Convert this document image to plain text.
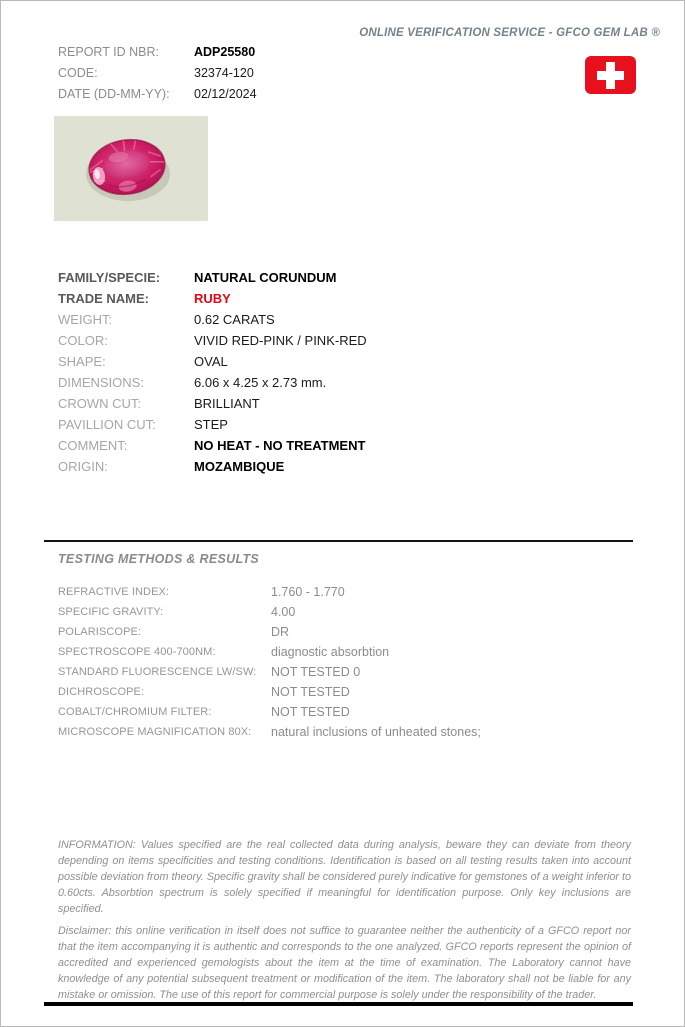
ONLINE VERIFICATION SERVICE - GFCO GEM LAB ®
REPORT ID NBR:	ADP25580
CODE:	32374-120
DATE (DD-MM-YY):	02/12/2024
FAMILY/SPECIE:	NATURAL CORUNDUM
TRADE NAME:	RUBY
WEIGHT:	0.62 CARATS
COLOR:	VIVID RED-PINK / PINK-RED
SHAPE:	OVAL
DIMENSIONS:	6.06 x 4.25 x 2.73 mm.
CROWN CUT:	BRILLIANT
PAVILLION CUT:	STEP
COMMENT:	NO HEAT - NO TREATMENT
ORIGIN:	MOZAMBIQUE
TESTING METHODS & RESULTS
REFRACTIVE INDEX:	1.760 - 1.770
SPECIFIC GRAVITY:	4.00
POLARISCOPE:	DR
SPECTROSCOPE 400-700NM:	diagnostic absorbtion
STANDARD FLUORESCENCE LW/SW:	NOT TESTED 0
DICHROSCOPE:	NOT TESTED
COBALT/CHROMIUM FILTER:	NOT TESTED
MICROSCOPE MAGNIFICATION 80X:	natural inclusions of unheated stones;
INFORMATION: Values specified are the real collected data during analysis, beware they can deviate from theory depending on items specificities and testing conditions. Identification is based on all testing results taken into account possible deviation from theory. Specific gravity shall be considered purely indicative for gemstones of a weight inferior to 0.60cts. Absorbtion spectrum is solely specified if meaningful for identification purpose. Only key inclusions are specified.
Disclaimer: this online verification in itself does not suffice to guarantee neither the authenticity of a GFCO report nor that the item accompanying it is authentic and corresponds to the one analyzed. GFCO reports represent the opinion of accredited and experienced gemologists about the item at the time of examination. The Laboratory cannot have knowledge of any potential subsequent treatment or modification of the item. The laboratory shall not be liable for any mistake or omission. The use of this report for commercial purpose is solely under the responsibility of the trader.
